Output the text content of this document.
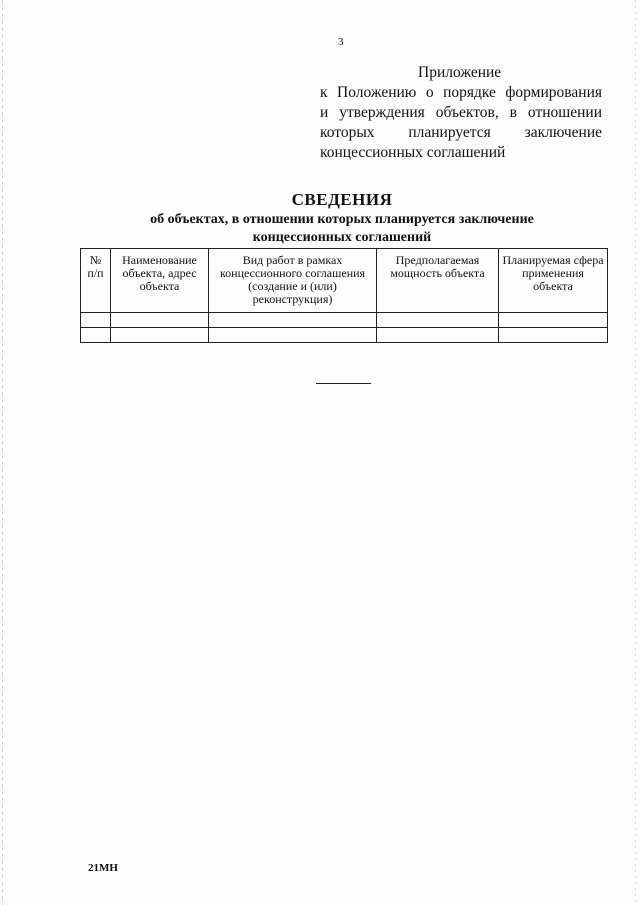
3
Приложение
к Положению о порядке формирования
и утверждения объектов, в отношении
которых планируется заключение
концессионных соглашений
СВЕДЕНИЯ
об объектах, в отношении которых планируется заключение
концессионных соглашений
№ п/п	Наименование объекта, адрес объекта	Вид работ в рамках концессионного соглашения (создание и (или) реконструкция)	Предполагаемая мощность объекта	Планируемая сфера применения объекта

21МН
